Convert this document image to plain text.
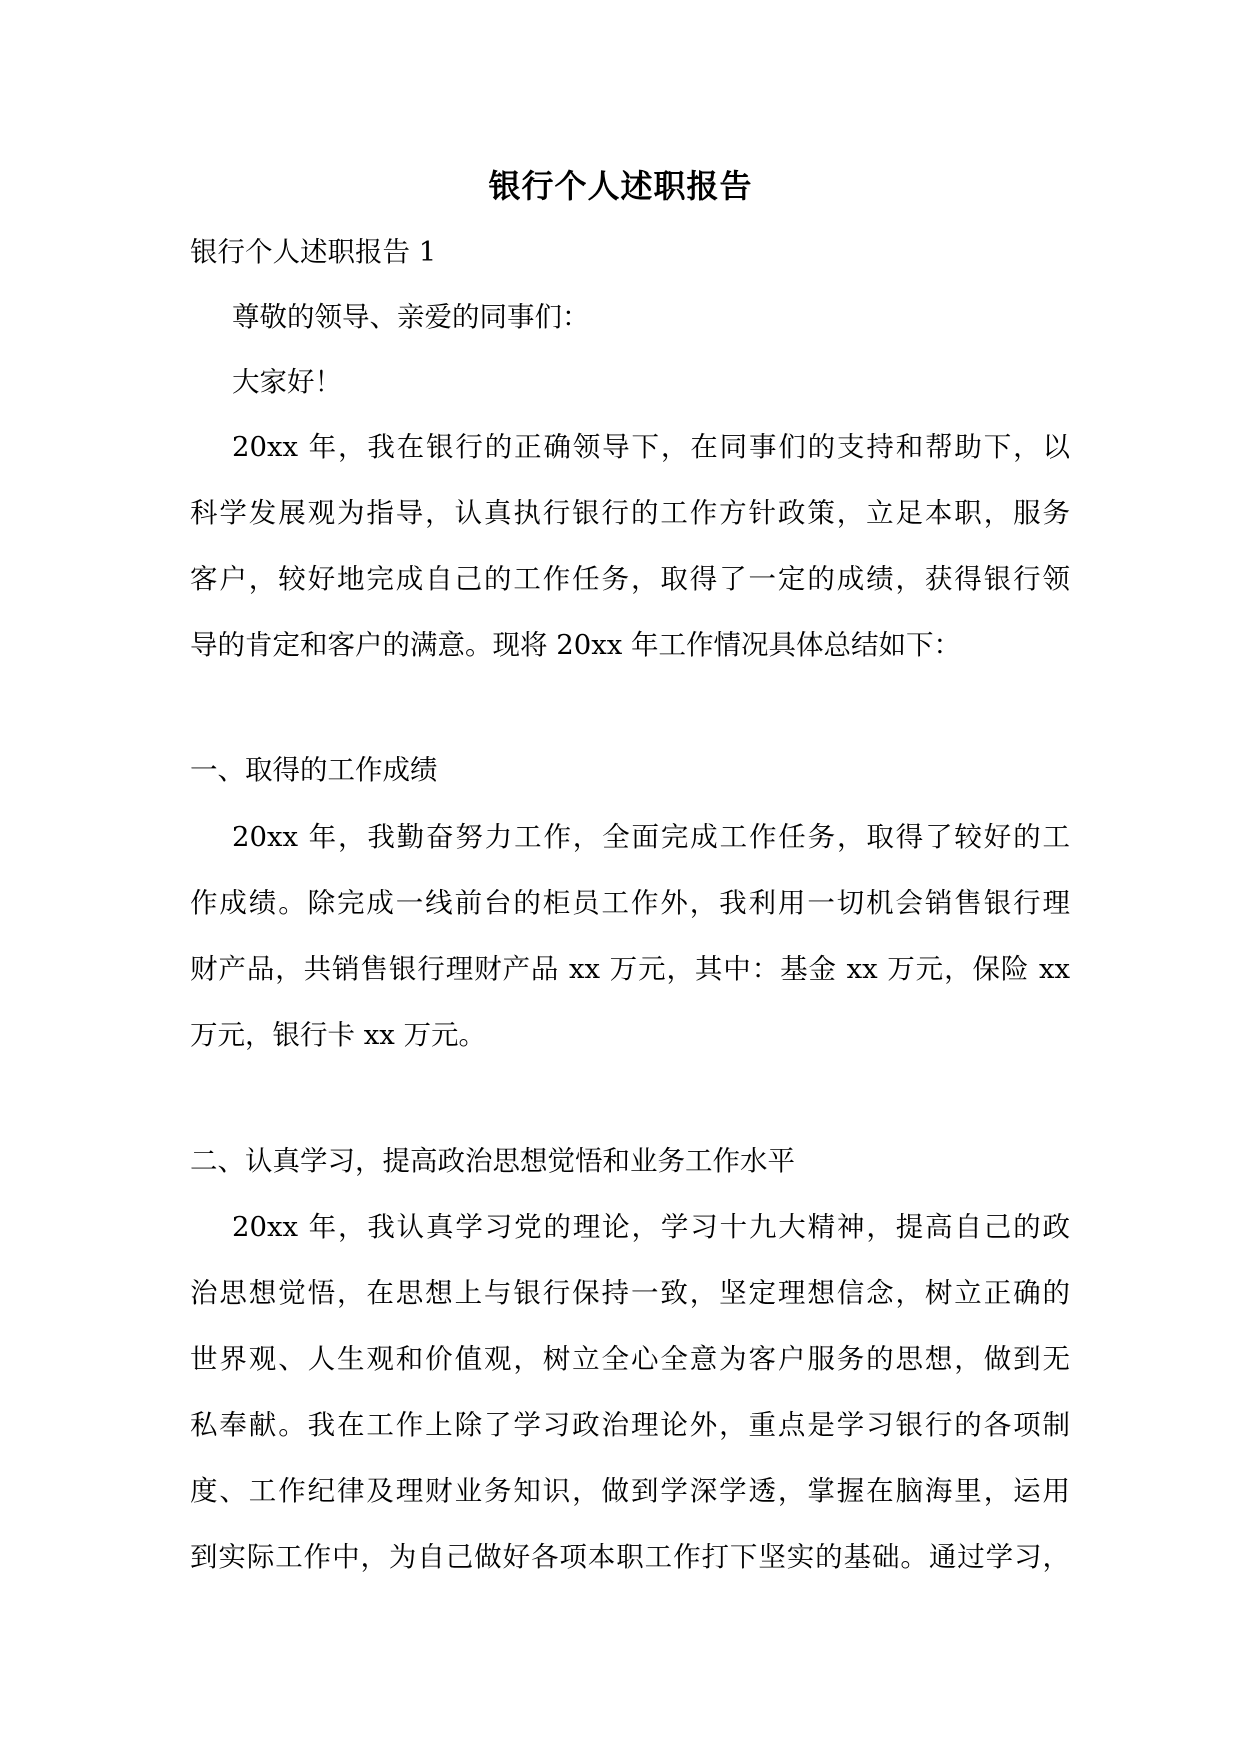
银行个人述职报告
银行个人述职报告 1
尊敬的领导、亲爱的同事们：
大家好！
20xx 年，我在银行的正确领导下，在同事们的支持和帮助下，以
科学发展观为指导，认真执行银行的工作方针政策，立足本职，服务
客户，较好地完成自己的工作任务，取得了一定的成绩，获得银行领
导的肯定和客户的满意。现将 20xx 年工作情况具体总结如下：
一、取得的工作成绩
20xx 年，我勤奋努力工作，全面完成工作任务，取得了较好的工
作成绩。除完成一线前台的柜员工作外，我利用一切机会销售银行理
财产品，共销售银行理财产品 xx 万元，其中：基金 xx 万元，保险 xx
万元，银行卡 xx 万元。
二、认真学习，提高政治思想觉悟和业务工作水平
20xx 年，我认真学习党的理论，学习十九大精神，提高自己的政
治思想觉悟，在思想上与银行保持一致，坚定理想信念，树立正确的
世界观、人生观和价值观，树立全心全意为客户服务的思想，做到无
私奉献。我在工作上除了学习政治理论外，重点是学习银行的各项制
度、工作纪律及理财业务知识，做到学深学透，掌握在脑海里，运用
到实际工作中，为自己做好各项本职工作打下坚实的基础。通过学习，
